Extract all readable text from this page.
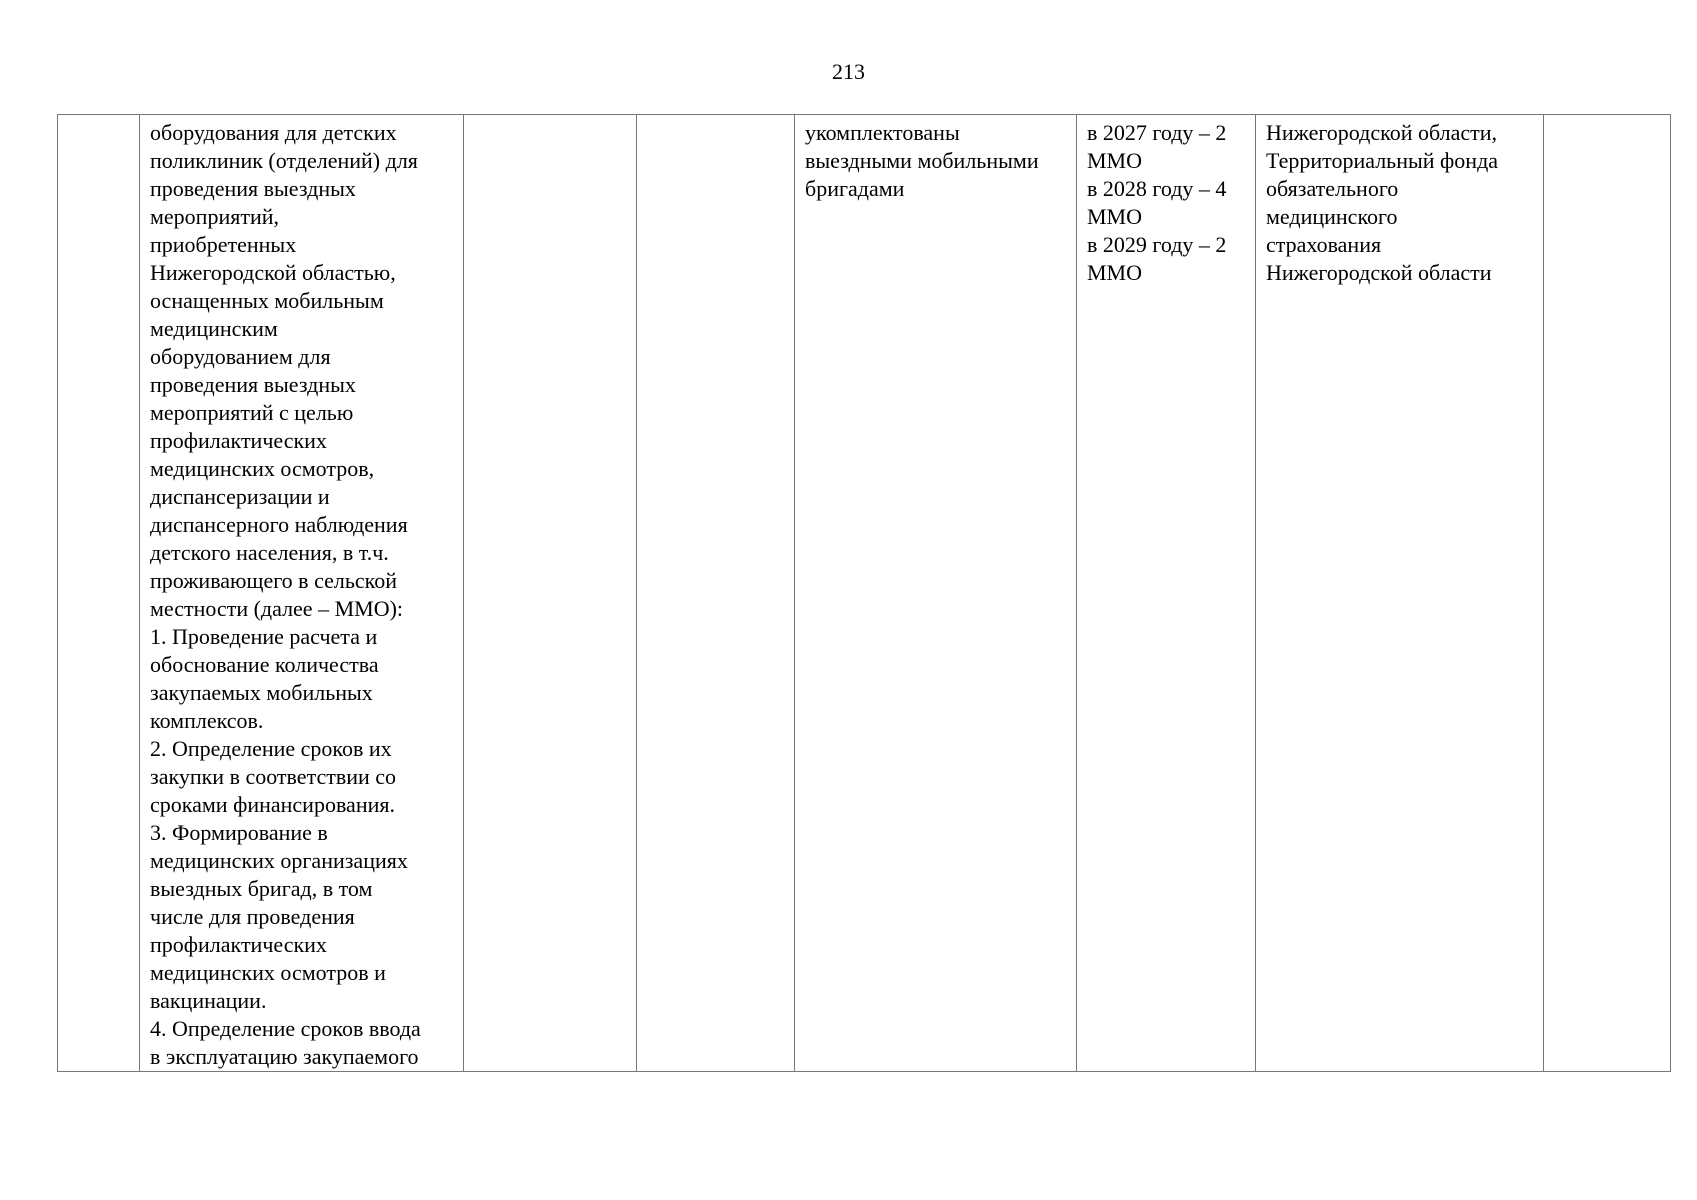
213
	оборудования для детских
поликлиник (отделений) для
проведения выездных
мероприятий,
приобретенных
Нижегородской областью,
оснащенных мобильным
медицинским
оборудованием для
проведения выездных
мероприятий с целью
профилактических
медицинских осмотров,
диспансеризации и
диспансерного наблюдения
детского населения, в т.ч.
проживающего в сельской
местности (далее – ММО):
1. Проведение расчета и
обоснование количества
закупаемых мобильных
комплексов.
2. Определение сроков их
закупки в соответствии со
сроками финансирования.
3. Формирование в
медицинских организациях
выездных бригад, в том
числе для проведения
профилактических
медицинских осмотров и
вакцинации.
4. Определение сроков ввода
в эксплуатацию закупаемого			укомплектованы
выездными мобильными
бригадами	в 2027 году – 2
ММО
в 2028 году – 4
ММО
в 2029 году – 2
ММО	Нижегородской области,
Территориальный фонда
обязательного
медицинского
страхования
Нижегородской области	
